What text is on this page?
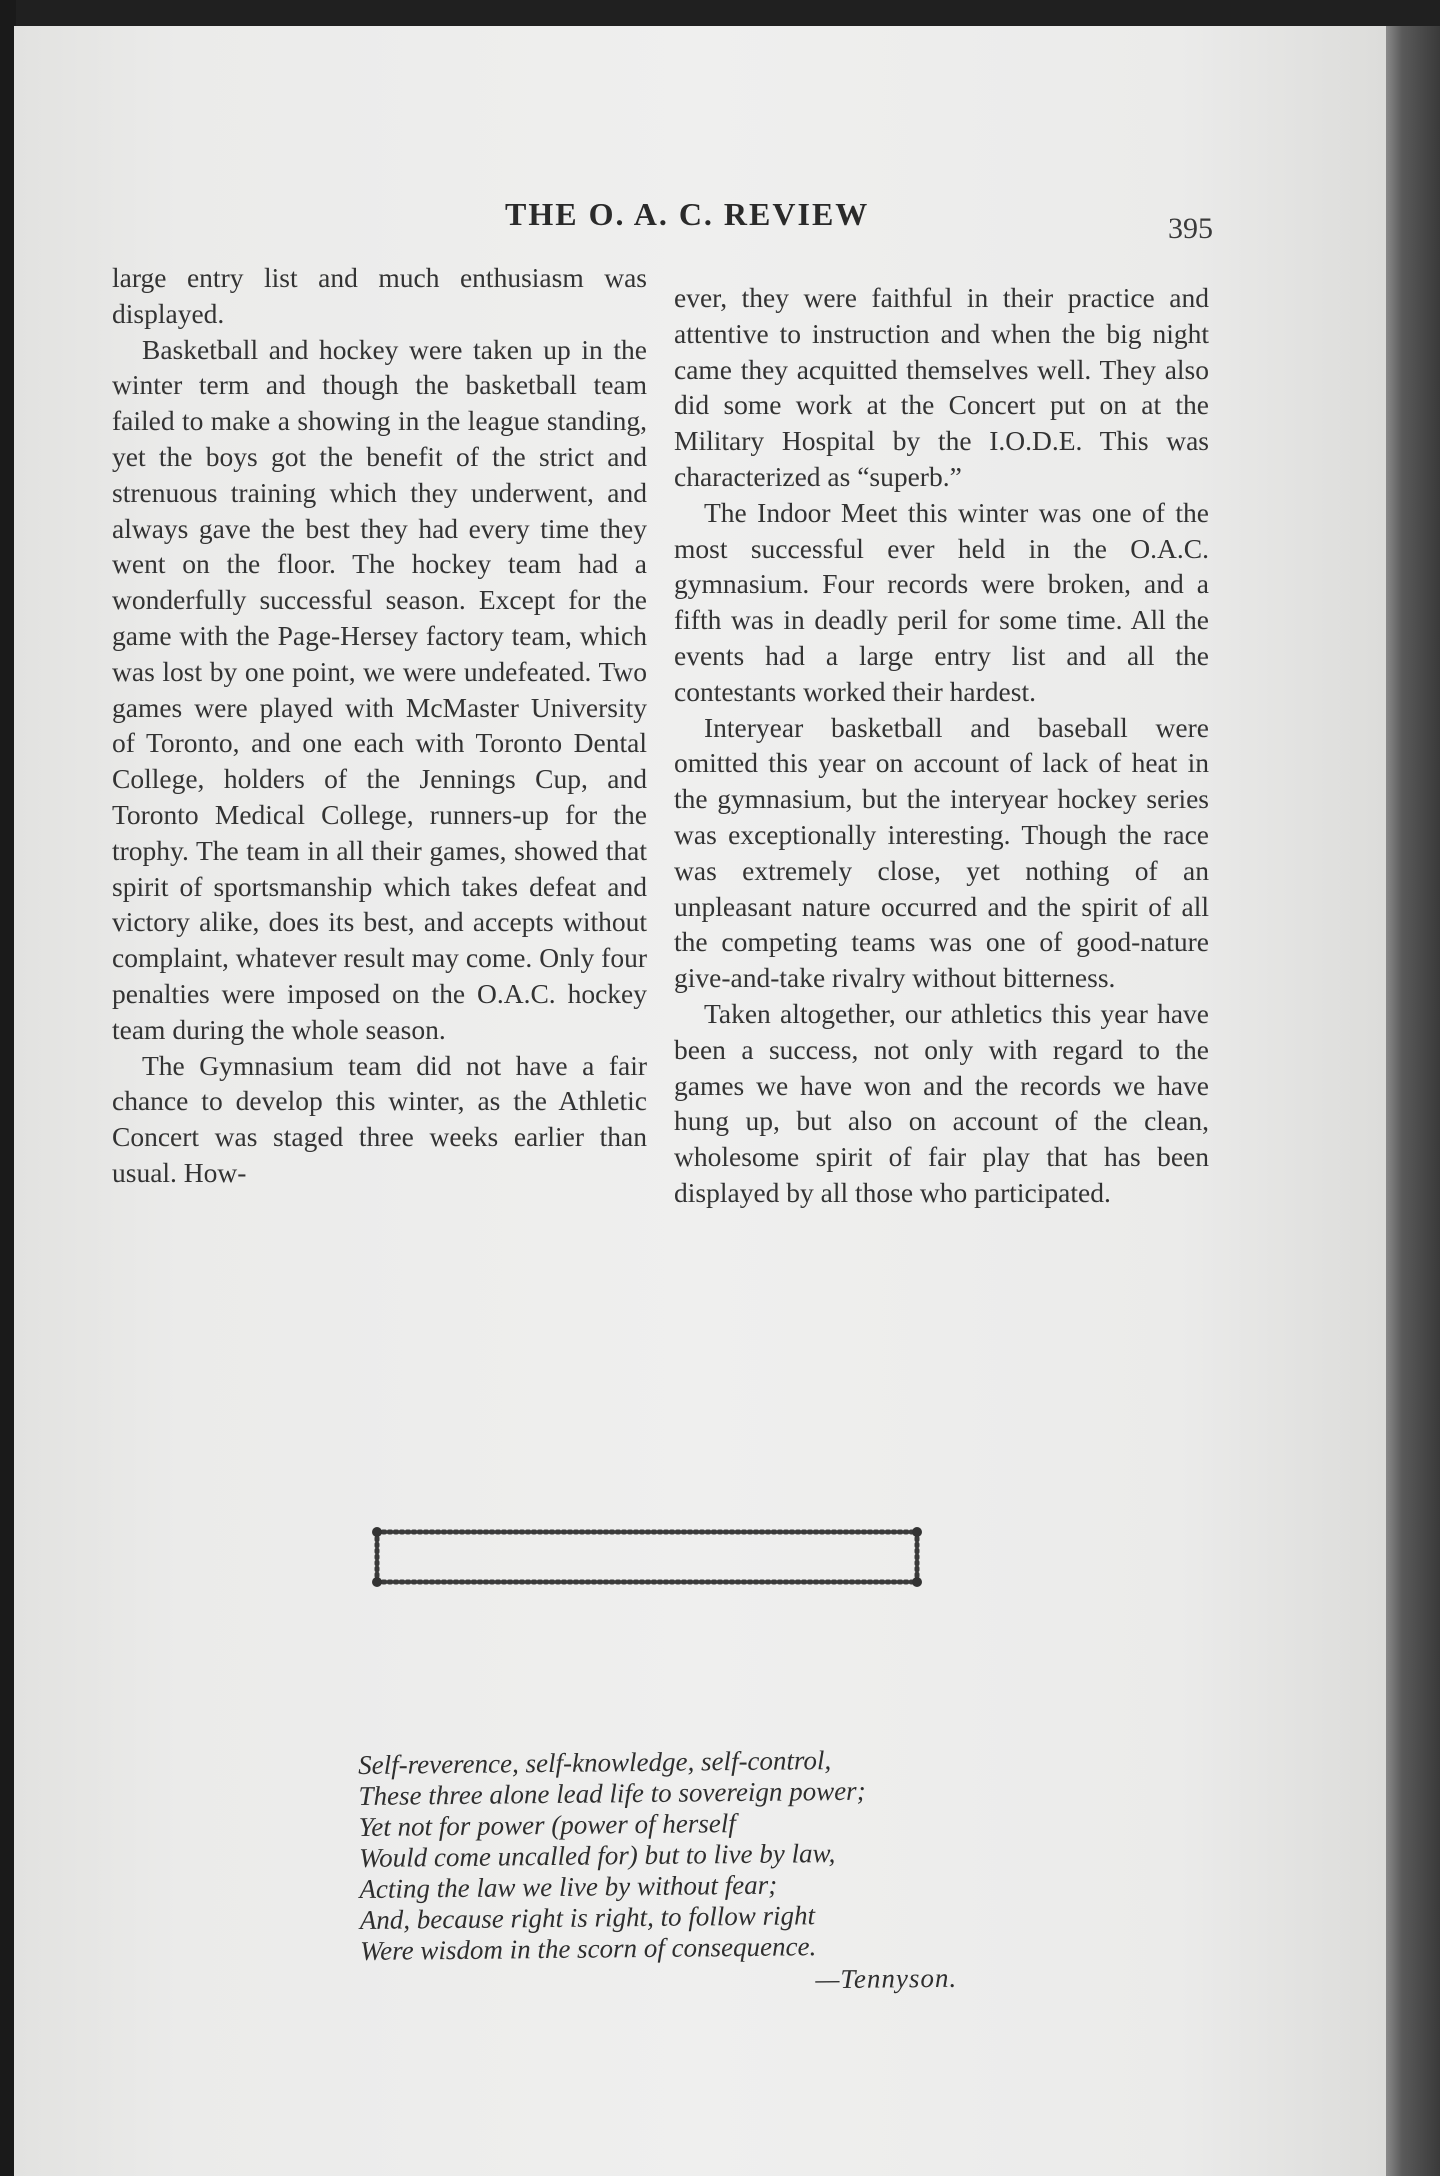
THE O. A. C. REVIEW	395

large entry list and much enthusiasm was displayed.

Basketball and hockey were taken up in the winter term and though the basketball team failed to make a showing in the league standing, yet the boys got the benefit of the strict and strenuous training which they underwent, and always gave the best they had every time they went on the floor. The hockey team had a wonderfully successful season. Except for the game with the Page-Hersey factory team, which was lost by one point, we were undefeated. Two games were played with McMaster University of Toronto, and one each with Toronto Dental College, holders of the Jennings Cup, and Toronto Medical College, runners-up for the trophy. The team in all their games, showed that spirit of sportsmanship which takes defeat and victory alike, does its best, and accepts without complaint, whatever result may come. Only four penalties were imposed on the O.A.C. hockey team during the whole season.

The Gymnasium team did not have a fair chance to develop this winter, as the Athletic Concert was staged three weeks earlier than usual. How-

ever, they were faithful in their practice and attentive to instruction and when the big night came they acquitted themselves well. They also did some work at the Concert put on at the Military Hospital by the I.O.D.E. This was characterized as “superb.”

The Indoor Meet this winter was one of the most successful ever held in the O.A.C. gymnasium. Four records were broken, and a fifth was in deadly peril for some time. All the events had a large entry list and all the contestants worked their hardest.

Interyear basketball and baseball were omitted this year on account of lack of heat in the gymnasium, but the interyear hockey series was exceptionally interesting. Though the race was extremely close, yet nothing of an unpleasant nature occurred and the spirit of all the competing teams was one of good-nature give-and-take rivalry without bitterness.

Taken altogether, our athletics this year have been a success, not only with regard to the games we have won and the records we have hung up, but also on account of the clean, wholesome spirit of fair play that has been displayed by all those who participated.

Self-reverence, self-knowledge, self-control,
These three alone lead life to sovereign power;
Yet not for power (power of herself
Would come uncalled for) but to live by law,
Acting the law we live by without fear;
And, because right is right, to follow right
Were wisdom in the scorn of consequence.
—Tennyson.
